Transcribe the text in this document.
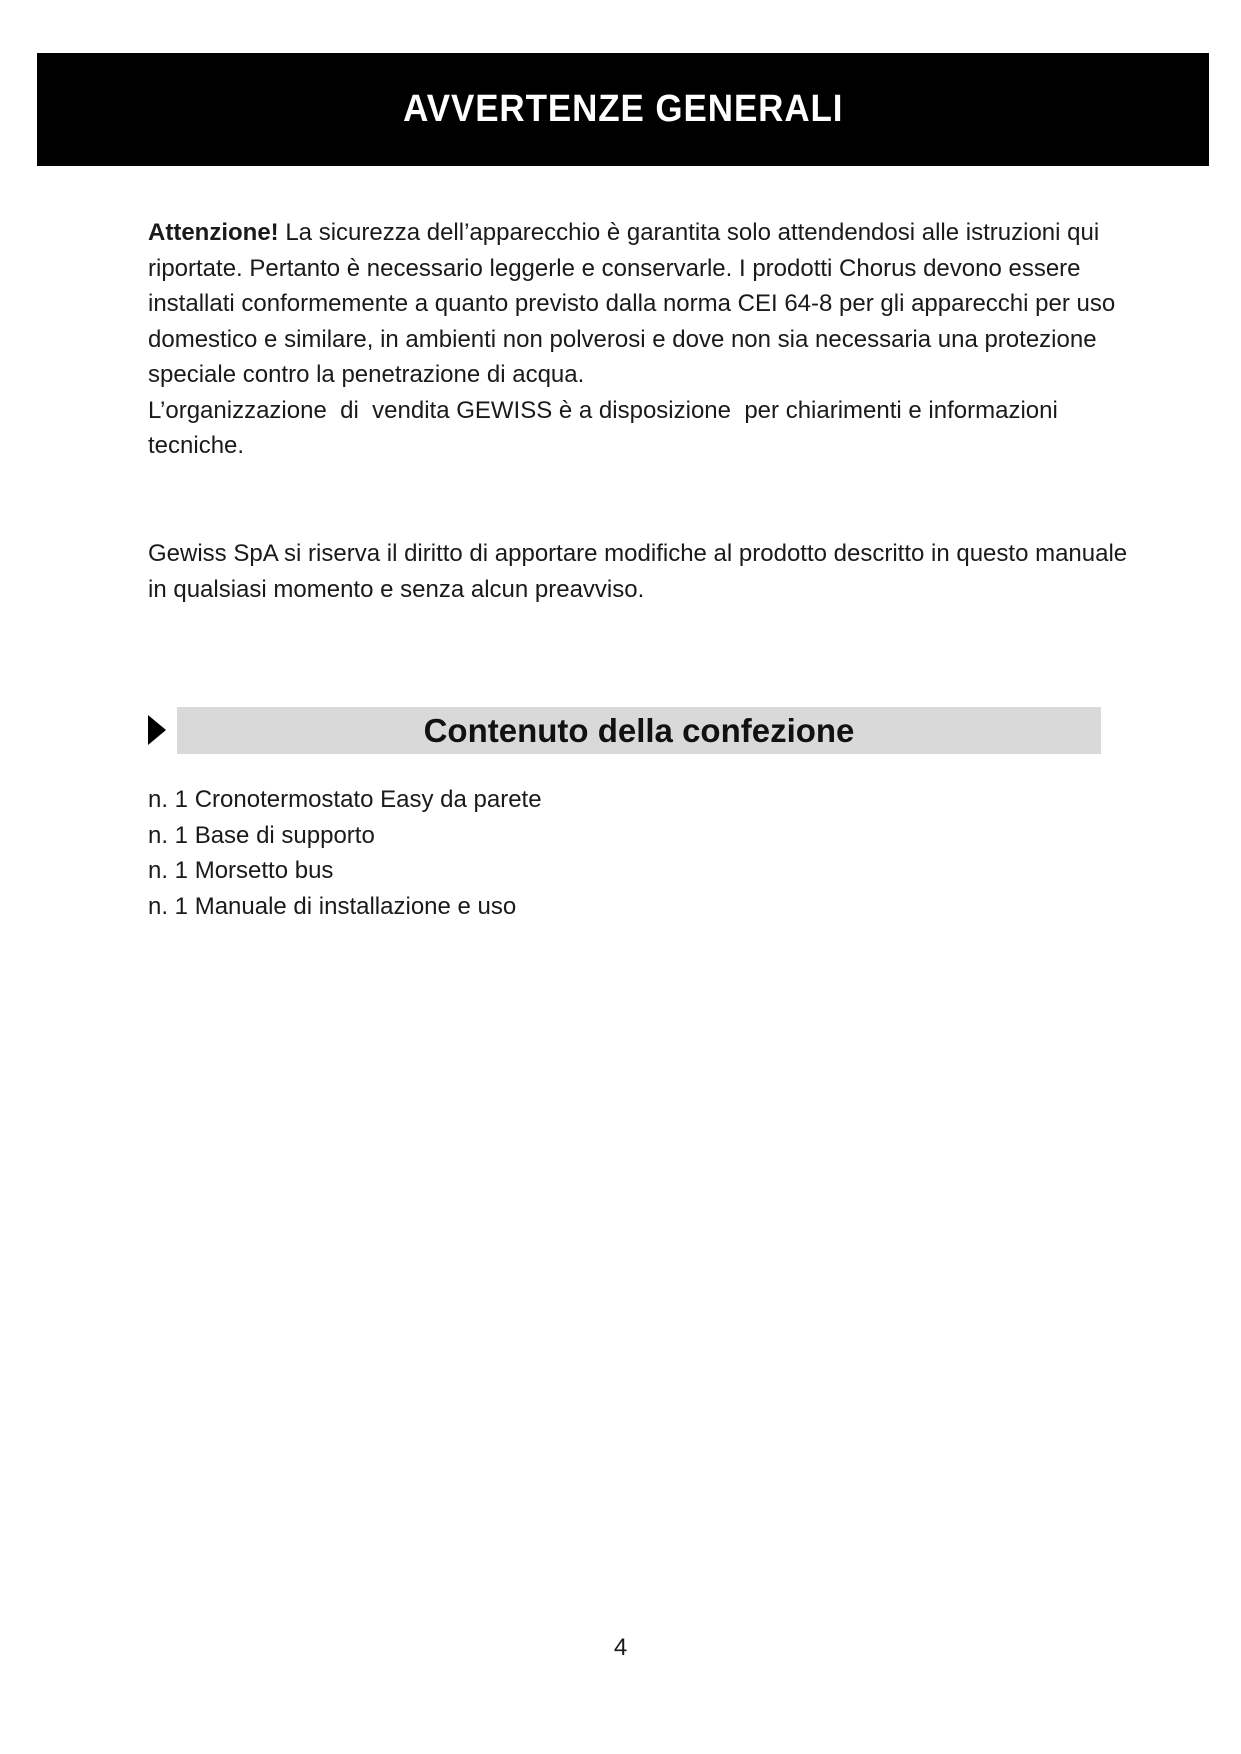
AVVERTENZE GENERALI
Attenzione! La sicurezza dell’apparecchio è garantita solo attendendosi alle istruzioni qui riportate. Pertanto è necessario leggerle e conservarle. I prodotti Chorus devono essere installati conformemente a quanto previsto dalla norma CEI 64-8 per gli apparecchi per uso domestico e similare, in ambienti non polverosi e dove non sia necessaria una protezione speciale contro la penetrazione di acqua.
L’organizzazione  di  vendita GEWISS è a disposizione  per chiarimenti e informazioni tecniche.
Gewiss SpA si riserva il diritto di apportare modifiche al prodotto descritto in questo manuale in qualsiasi momento e senza alcun preavviso.
Contenuto della confezione
n. 1 Cronotermostato Easy da parete
n. 1 Base di supporto
n. 1 Morsetto bus
n. 1 Manuale di installazione e uso
4
